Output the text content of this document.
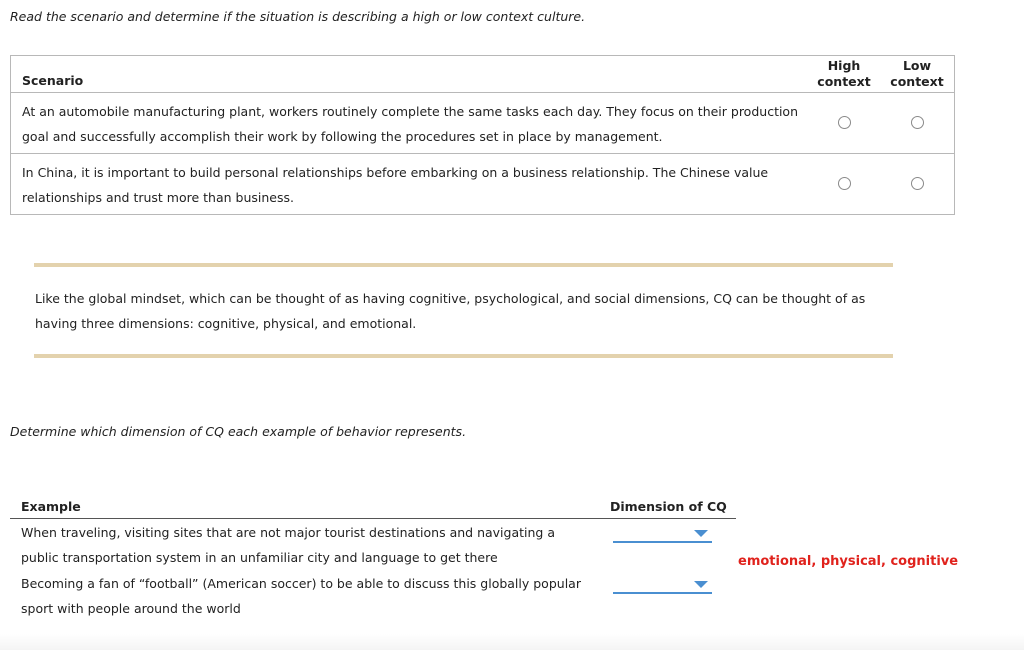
Read the scenario and determine if the situation is describing a high or low context culture.
Scenario
High context
Low context
At an automobile manufacturing plant, workers routinely complete the same tasks each day. They focus on their production goal and successfully accomplish their work by following the procedures set in place by management.
In China, it is important to build personal relationships before embarking on a business relationship. The Chinese value relationships and trust more than business.
Like the global mindset, which can be thought of as having cognitive, psychological, and social dimensions, CQ can be thought of as having three dimensions: cognitive, physical, and emotional.
Determine which dimension of CQ each example of behavior represents.
Example	Dimension of CQ
When traveling, visiting sites that are not major tourist destinations and navigating a public transportation system in an unfamiliar city and language to get there
Becoming a fan of “football” (American soccer) to be able to discuss this globally popular sport with people around the world
emotional, physical, cognitive
